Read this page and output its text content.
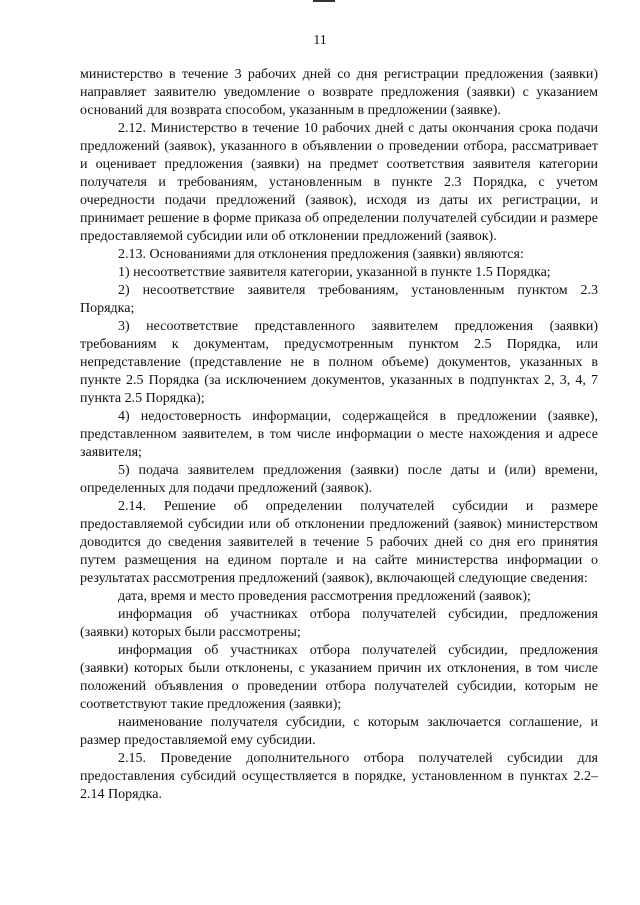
11

министерство в течение 3 рабочих дней со дня регистрации предложения (заявки) направляет заявителю уведомление о возврате предложения (заявки) с указанием оснований для возврата способом, указанным в предложении (заявке).

2.12. Министерство в течение 10 рабочих дней с даты окончания срока подачи предложений (заявок), указанного в объявлении о проведении отбора, рассматривает и оценивает предложения (заявки) на предмет соответствия заявителя категории получателя и требованиям, установленным в пункте 2.3 Порядка, с учетом очередности подачи предложений (заявок), исходя из даты их регистрации, и принимает решение в форме приказа об определении получателей субсидии и размере предоставляемой субсидии или об отклонении предложений (заявок).

2.13. Основаниями для отклонения предложения (заявки) являются:

1) несоответствие заявителя категории, указанной в пункте 1.5 Порядка;

2) несоответствие заявителя требованиям, установленным пунктом 2.3 Порядка;

3) несоответствие представленного заявителем предложения (заявки) требованиям к документам, предусмотренным пунктом 2.5 Порядка, или непредставление (представление не в полном объеме) документов, указанных в пункте 2.5 Порядка (за исключением документов, указанных в подпунктах 2, 3, 4, 7 пункта 2.5 Порядка);

4) недостоверность информации, содержащейся в предложении (заявке), представленном заявителем, в том числе информации о месте нахождения и адресе заявителя;

5) подача заявителем предложения (заявки) после даты и (или) времени, определенных для подачи предложений (заявок).

2.14. Решение об определении получателей субсидии и размере предоставляемой субсидии или об отклонении предложений (заявок) министерством доводится до сведения заявителей в течение 5 рабочих дней со дня его принятия путем размещения на едином портале и на сайте министерства информации о результатах рассмотрения предложений (заявок), включающей следующие сведения:

дата, время и место проведения рассмотрения предложений (заявок);

информация об участниках отбора получателей субсидии, предложения (заявки) которых были рассмотрены;

информация об участниках отбора получателей субсидии, предложения (заявки) которых были отклонены, с указанием причин их отклонения, в том числе положений объявления о проведении отбора получателей субсидии, которым не соответствуют такие предложения (заявки);

наименование получателя субсидии, с которым заключается соглашение, и размер предоставляемой ему субсидии.

2.15. Проведение дополнительного отбора получателей субсидии для предоставления субсидий осуществляется в порядке, установленном в пунктах 2.2–2.14 Порядка.
